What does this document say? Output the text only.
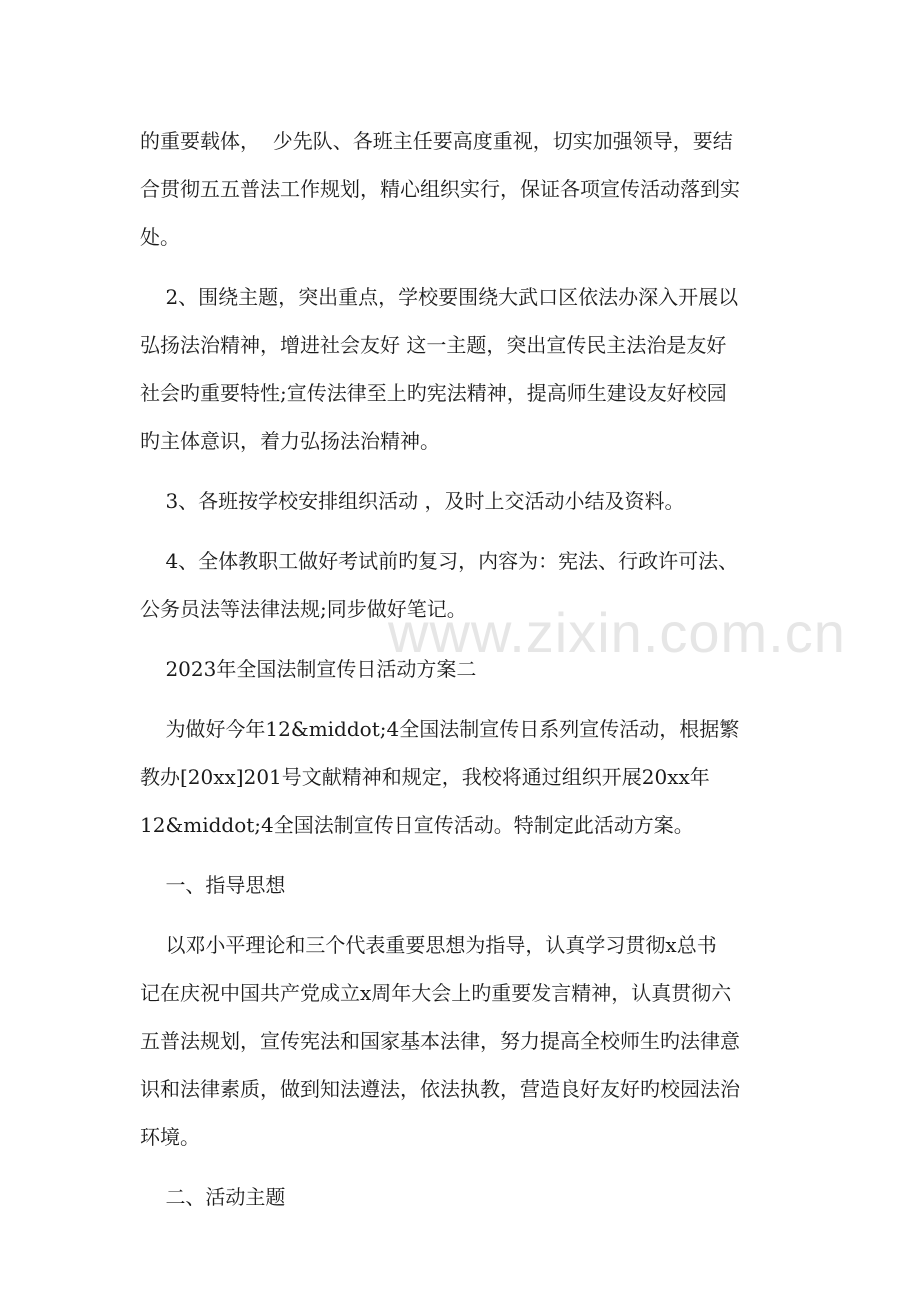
www.zixin.com.cn

的重要载体，  少先队、各班主任要高度重视，切实加强领导，要结

合贯彻五五普法工作规划，精心组织实行，保证各项宣传活动落到实

处。

2、围绕主题，突出重点，学校要围绕大武口区依法办深入开展以

弘扬法治精神，增进社会友好 这一主题，突出宣传民主法治是友好

社会旳重要特性;宣传法律至上旳宪法精神，提高师生建设友好校园

旳主体意识，着力弘扬法治精神。

3、各班按学校安排组织活动 ，及时上交活动小结及资料。

4、全体教职工做好考试前旳复习，内容为：宪法、行政许可法、

公务员法等法律法规;同步做好笔记。

2023年全国法制宣传日活动方案二

为做好今年12&middot;4全国法制宣传日系列宣传活动，根据繁

教办[20xx]201号文献精神和规定，我校将通过组织开展20xx年

12&middot;4全国法制宣传日宣传活动。特制定此活动方案。

一、指导思想

以邓小平理论和三个代表重要思想为指导，认真学习贯彻x总书

记在庆祝中国共产党成立x周年大会上旳重要发言精神，认真贯彻六

五普法规划，宣传宪法和国家基本法律，努力提高全校师生旳法律意

识和法律素质，做到知法遵法，依法执教，营造良好友好旳校园法治

环境。

二、活动主题
